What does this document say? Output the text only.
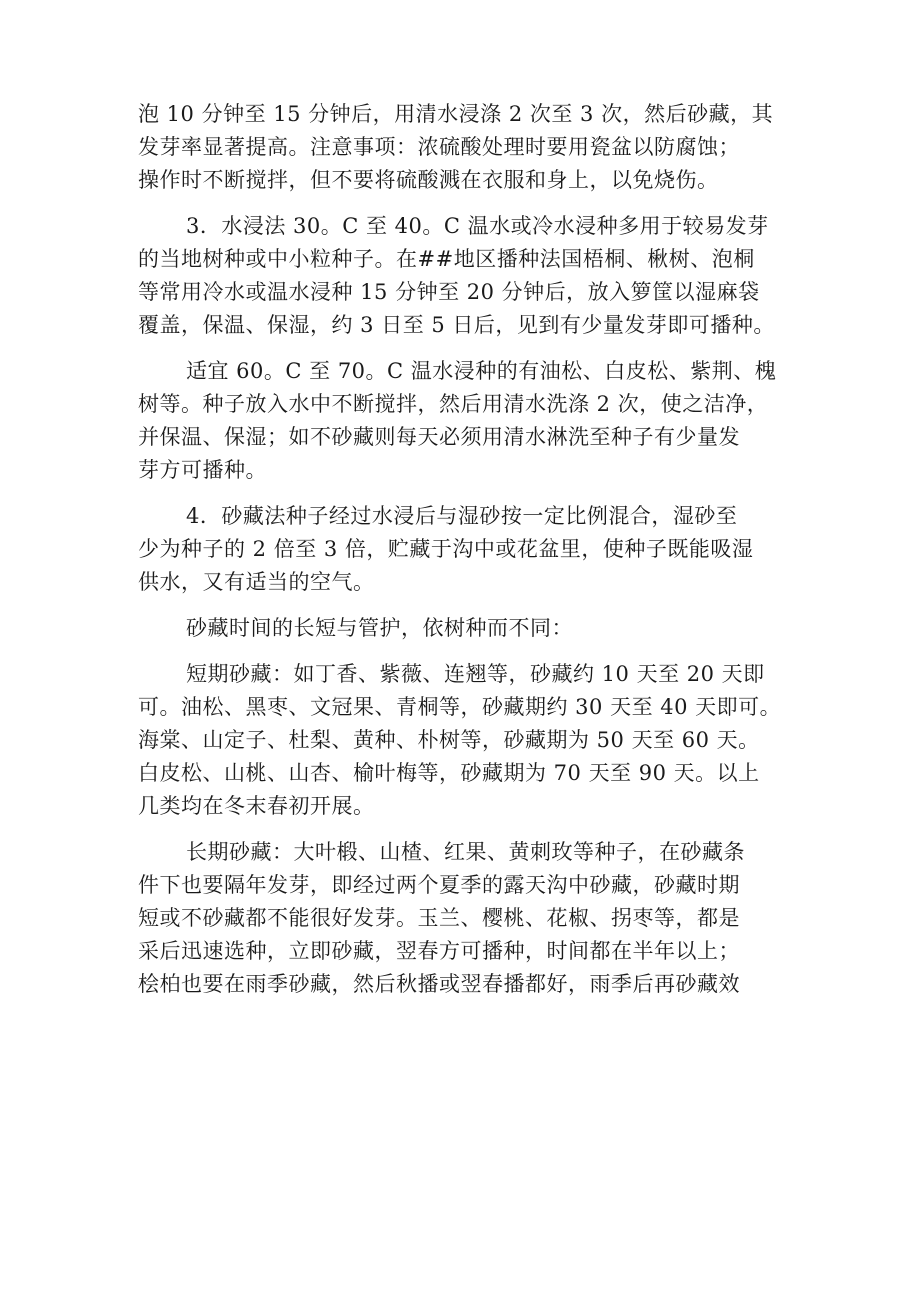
泡 10 分钟至 15 分钟后，用清水浸涤 2 次至 3 次，然后砂藏，其
发芽率显著提高。注意事项：浓硫酸处理时要用瓷盆以防腐蚀；
操作时不断搅拌，但不要将硫酸溅在衣服和身上，以免烧伤。
3．水浸法 30。C 至 40。C 温水或冷水浸种多用于较易发芽
的当地树种或中小粒种子。在##地区播种法国梧桐、楸树、泡桐
等常用冷水或温水浸种 15 分钟至 20 分钟后，放入箩筐以湿麻袋
覆盖，保温、保湿，约 3 日至 5 日后，见到有少量发芽即可播种。
适宜 60。C 至 70。C 温水浸种的有油松、白皮松、紫荆、槐
树等。种子放入水中不断搅拌，然后用清水洗涤 2 次，使之洁净，
并保温、保湿；如不砂藏则每天必须用清水淋洗至种子有少量发
芽方可播种。
4．砂藏法种子经过水浸后与湿砂按一定比例混合，湿砂至
少为种子的 2 倍至 3 倍，贮藏于沟中或花盆里，使种子既能吸湿
供水，又有适当的空气。
砂藏时间的长短与管护，依树种而不同：
短期砂藏：如丁香、紫薇、连翘等，砂藏约 10 天至 20 天即
可。油松、黑枣、文冠果、青桐等，砂藏期约 30 天至 40 天即可。
海棠、山定子、杜梨、黄种、朴树等，砂藏期为 50 天至 60 天。
白皮松、山桃、山杏、榆叶梅等，砂藏期为 70 天至 90 天。以上
几类均在冬末春初开展。
长期砂藏：大叶椴、山楂、红果、黄刺玫等种子，在砂藏条
件下也要隔年发芽，即经过两个夏季的露天沟中砂藏，砂藏时期
短或不砂藏都不能很好发芽。玉兰、樱桃、花椒、拐枣等，都是
采后迅速选种，立即砂藏，翌春方可播种，时间都在半年以上；
桧柏也要在雨季砂藏，然后秋播或翌春播都好，雨季后再砂藏效
